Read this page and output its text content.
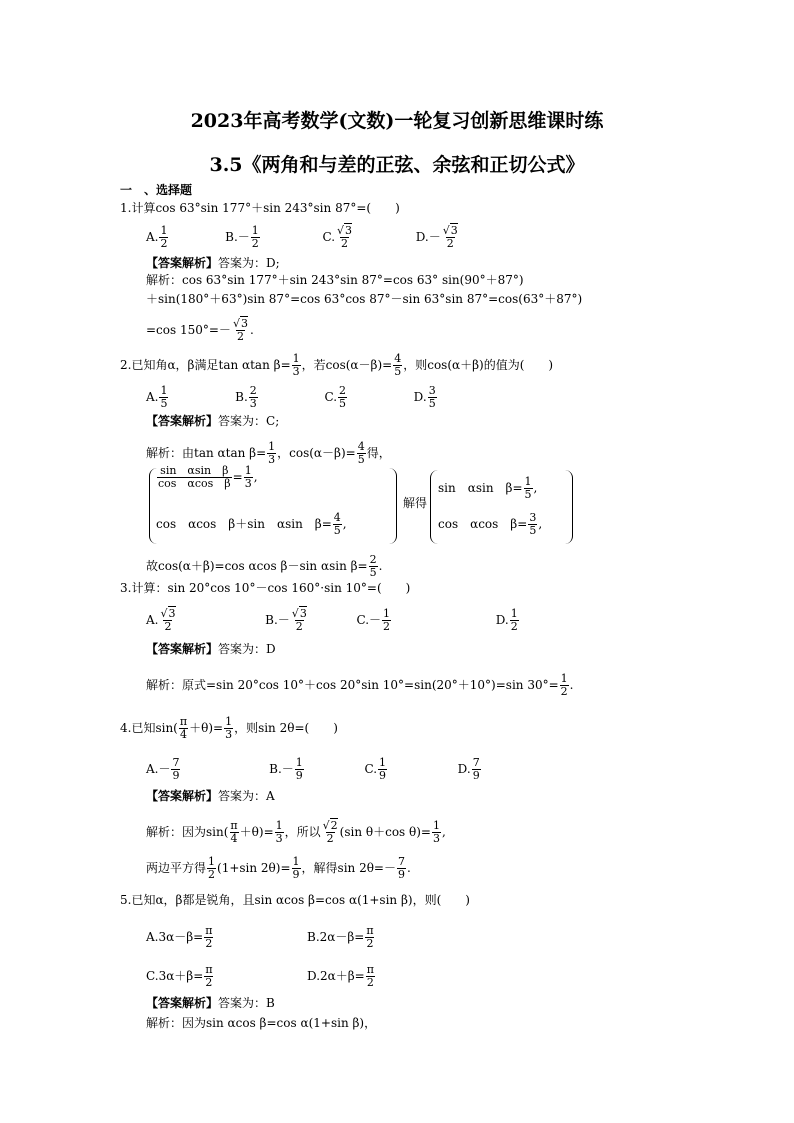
2023年高考数学(文数)一轮复习创新思维课时练
3.5《两角和与差的正弦、余弦和正切公式》
一　、选择题
1.计算cos 63°sin 177°＋sin 243°sin 87°=(　　)
A. $\frac{1}{2}$	$B.- \frac{1}{2}$	C. $\frac{√3}{2}$	$D.- \frac{√3}{2}$
【答案解析】答案为：D;
解析：cos 63°sin 177°＋sin 243°sin 87°=cos 63° sin(90°＋87°)
＋sin(180°＋63°)sin 87°=cos 63°cos 87°－sin 63°sin 87°=cos(63°＋87°)
=cos $150^\circ=- \frac{√3}{2}$ .
2.已知角α，β满足tan αtan $\beta= \frac{1}{3}$ ，若$\cos(\alpha-\beta)= \frac{4}{5}$ ，则cos(α＋β)的值为(　　)
A. $\frac{1}{5}$	B. $\frac{2}{3}$	C. $\frac{2}{5}$	D. $\frac{3}{5}$
【答案解析】答案为：C;
解析：由tan αtan $\beta= \frac{1}{3}$ ，$\cos(\alpha-\beta)= \frac{4}{5}$ 得，
$\frac{\text{sin　αsin　β}}{\text{cos　αcos　β}} = \frac{1}{3}$ ,
cos　αcos　β＋sin　αsin　$\beta= \frac{4}{5}$ ,
解得
sin　αsin　$\beta= \frac{1}{5}$ ,
cos　αcos　$\beta= \frac{3}{5}$ ,
故cos(α＋β)=cos αcos β－sin αsin $\beta= \frac{2}{5}$ .
3.计算：sin 20°cos 10°－cos 160°·sin 10°=(　　)
A. $\frac{√3}{2}$	$B.- \frac{√3}{2}$	$C.- \frac{1}{2}$	D. $\frac{1}{2}$
【答案解析】答案为：D
解析：原式=sin 20°cos 10°＋cos 20°sin 10°=sin(20°＋10°)=sin $30^\circ= \frac{1}{2}$ .
4.已知$\sin( \frac{\pi}{4} +\theta)= \frac{1}{3}$ ，则sin 2θ=(　　)
$A.- \frac{7}{9}$	$B.- \frac{1}{9}$	C. $\frac{1}{9}$	D. $\frac{7}{9}$
【答案解析】答案为：A
解析：因为$\sin( \frac{\pi}{4} +\theta)= \frac{1}{3}$ ，所以 $\frac{√2}{2} (\sin$ θ＋cos $\theta)= \frac{1}{3}$ ,
两边平方得 $\frac{1}{2} (1+\sin$ $2\theta)= \frac{1}{9}$ ，解得$\sin 2\theta=- \frac{7}{9}$ .
5.已知α，β都是锐角，且sin αcos β=cos α(1+sin β)，则(　　)
$A.3\alpha-\beta= \frac{\pi}{2}$	$B.2\alpha-\beta= \frac{\pi}{2}$
$C.3\alpha+\beta= \frac{\pi}{2}$	$D.2\alpha+\beta= \frac{\pi}{2}$
【答案解析】答案为：B
解析：因为sin αcos β=cos α(1+sin β)，
